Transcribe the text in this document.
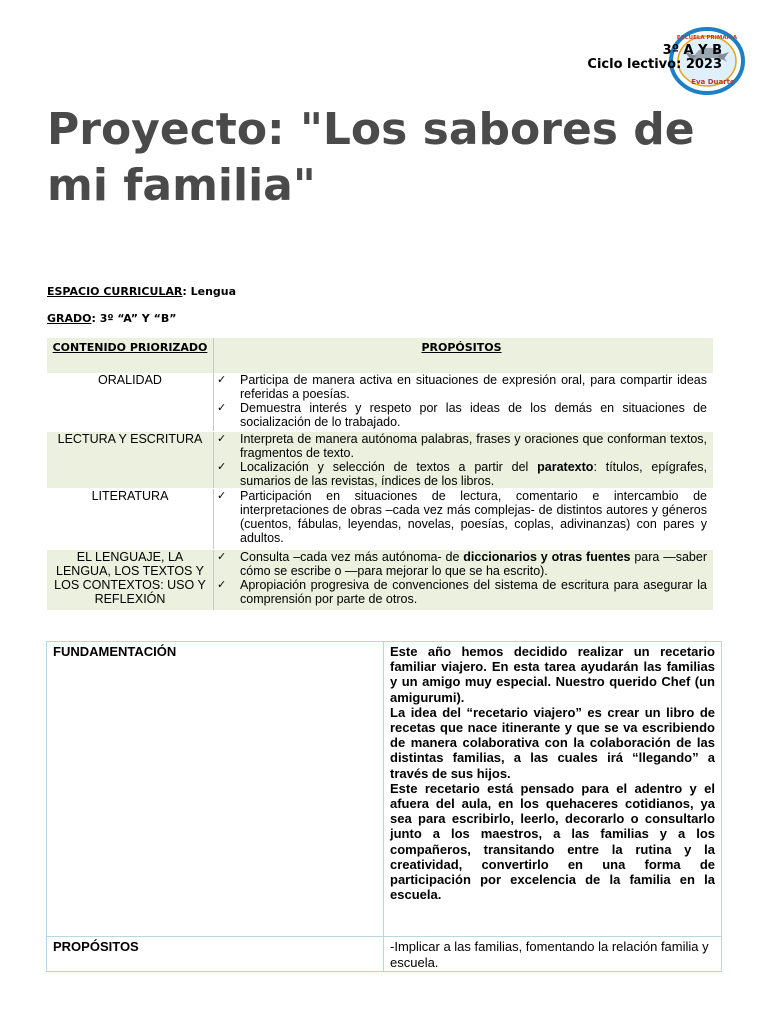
3º A Y B
Ciclo lectivo: 2023
ESCUELA PRIMARIA
Eva Duarte
Proyecto: "Los sabores de mi familia"
ESPACIO CURRICULAR: Lengua
GRADO: 3º “A” Y “B”
CONTENIDO PRIORIZADO	PROPÓSITOS
ORALIDAD	✓ Participa de manera activa en situaciones de expresión oral, para compartir ideas referidas a poesías.

✓ Demuestra interés y respeto por las ideas de los demás en situaciones de socialización de lo trabajado.

LECTURA Y ESCRITURA	✓ Interpreta de manera autónoma palabras, frases y oraciones que conforman textos, fragmentos de texto.

✓ Localización y selección de textos a partir del paratexto: títulos, epígrafes, sumarios de las revistas, índices de los libros.

LITERATURA	✓ Participación en situaciones de lectura, comentario e intercambio de interpretaciones de obras –cada vez más complejas- de distintos autores y géneros (cuentos, fábulas, leyendas, novelas, poesías, coplas, adivinanzas) con pares y adultos.

EL LENGUAJE, LA LENGUA, LOS TEXTOS Y LOS CONTEXTOS: USO Y REFLEXIÓN	✓ Consulta –cada vez más autónoma- de diccionarios y otras fuentes para —saber cómo se escribe o —para mejorar lo que se ha escrito).

✓ Apropiación progresiva de convenciones del sistema de escritura para asegurar la comprensión por parte de otros.

FUNDAMENTACIÓN	Este año hemos decidido realizar un recetario familiar viajero. En esta tarea ayudarán las familias y un amigo muy especial. Nuestro querido Chef (un amigurumi).

La idea del “recetario viajero” es crear un libro de recetas que nace itinerante y que se va escribiendo de manera colaborativa con la colaboración de las distintas familias, a las cuales irá “llegando” a través de sus hijos.

Este recetario está pensado para el adentro y el afuera del aula, en los quehaceres cotidianos, ya sea para escribirlo, leerlo, decorarlo o consultarlo junto a los maestros, a las familias y a los compañeros, transitando entre la rutina y la creatividad, convertirlo en una forma de participación por excelencia de la familia en la escuela.

PROPÓSITOS	-Implicar a las familias, fomentando la relación familia y escuela.
